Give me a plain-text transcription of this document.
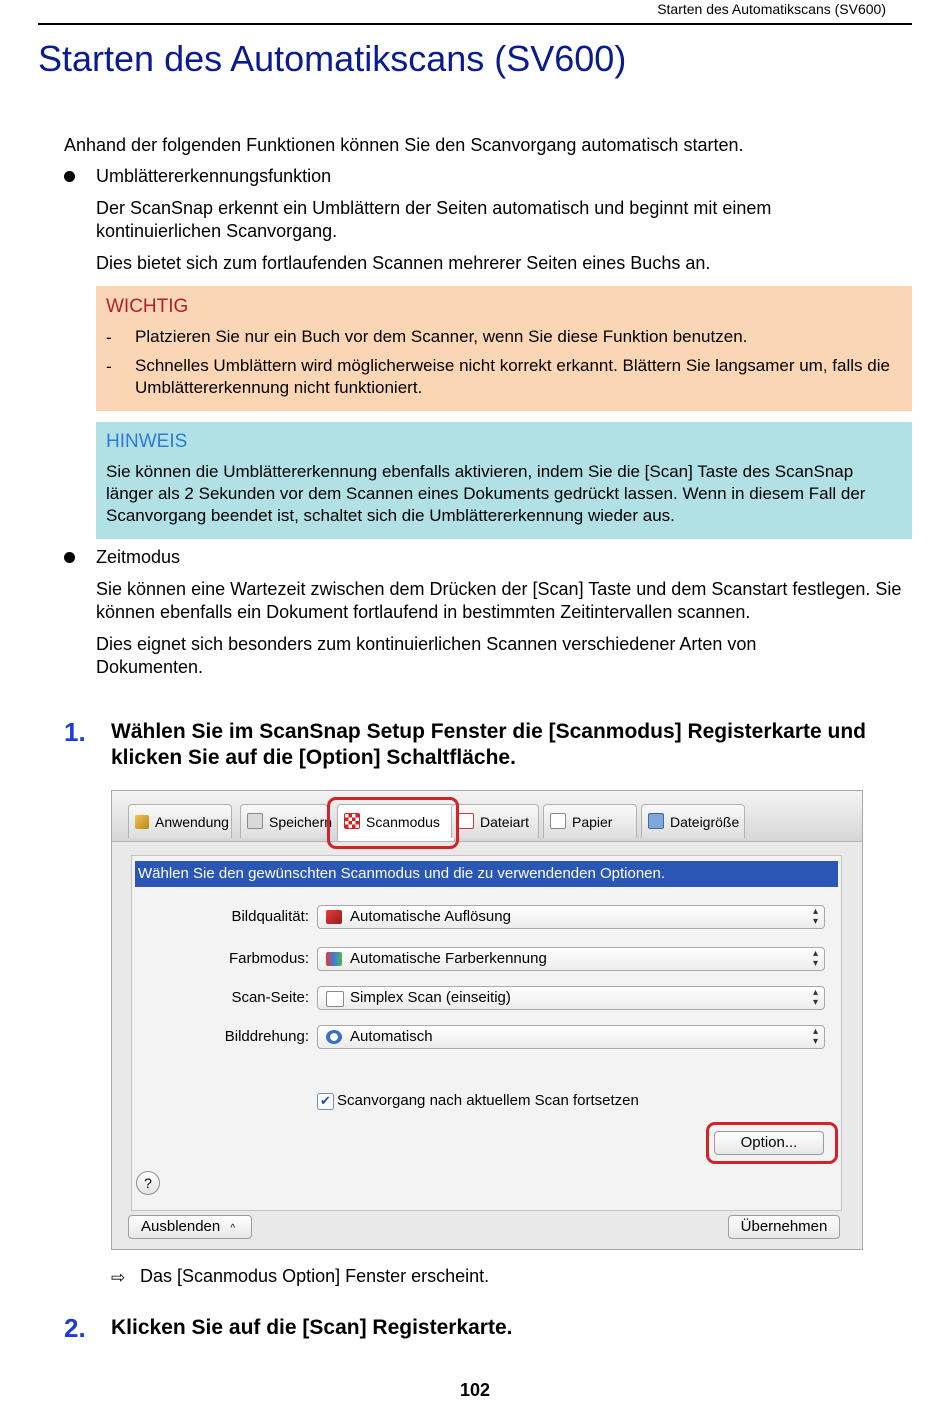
Starten des Automatikscans (SV600)
Starten des Automatikscans (SV600)
Anhand der folgenden Funktionen können Sie den Scanvorgang automatisch starten.
Umblättererkennungsfunktion
Der ScanSnap erkennt ein Umblättern der Seiten automatisch und beginnt mit einem kontinuierlichen Scanvorgang.
Dies bietet sich zum fortlaufenden Scannen mehrerer Seiten eines Buchs an.
WICHTIG
- Platzieren Sie nur ein Buch vor dem Scanner, wenn Sie diese Funktion benutzen.
- Schnelles Umblättern wird möglicherweise nicht korrekt erkannt. Blättern Sie langsamer um, falls die Umblättererkennung nicht funktioniert.
HINWEIS
Sie können die Umblättererkennung ebenfalls aktivieren, indem Sie die [Scan] Taste des ScanSnap länger als 2 Sekunden vor dem Scannen eines Dokuments gedrückt lassen. Wenn in diesem Fall der Scanvorgang beendet ist, schaltet sich die Umblättererkennung wieder aus.
Zeitmodus
Sie können eine Wartezeit zwischen dem Drücken der [Scan] Taste und dem Scanstart festlegen. Sie können ebenfalls ein Dokument fortlaufend in bestimmten Zeitintervallen scannen.
Dies eignet sich besonders zum kontinuierlichen Scannen verschiedener Arten von Dokumenten.
1. Wählen Sie im ScanSnap Setup Fenster die [Scanmodus] Registerkarte und klicken Sie auf die [Option] Schaltfläche.
Anwendung	Speichern	Scanmodus	Dateiart	Papier	Dateigröße
Wählen Sie den gewünschten Scanmodus und die zu verwendenden Optionen.
Bildqualität:	Automatische Auflösung	▴
▾
Farbmodus:	Automatische Farberkennung	▴
▾
Scan-Seite:	Simplex Scan (einseitig)	▴
▾
Bilddrehung:	Automatisch	▴
▾
✔ Scanvorgang nach aktuellem Scan fortsetzen
Option...
?
Ausblenden ^	Übernehmen
⇨ Das [Scanmodus Option] Fenster erscheint.
2. Klicken Sie auf die [Scan] Registerkarte.
102
